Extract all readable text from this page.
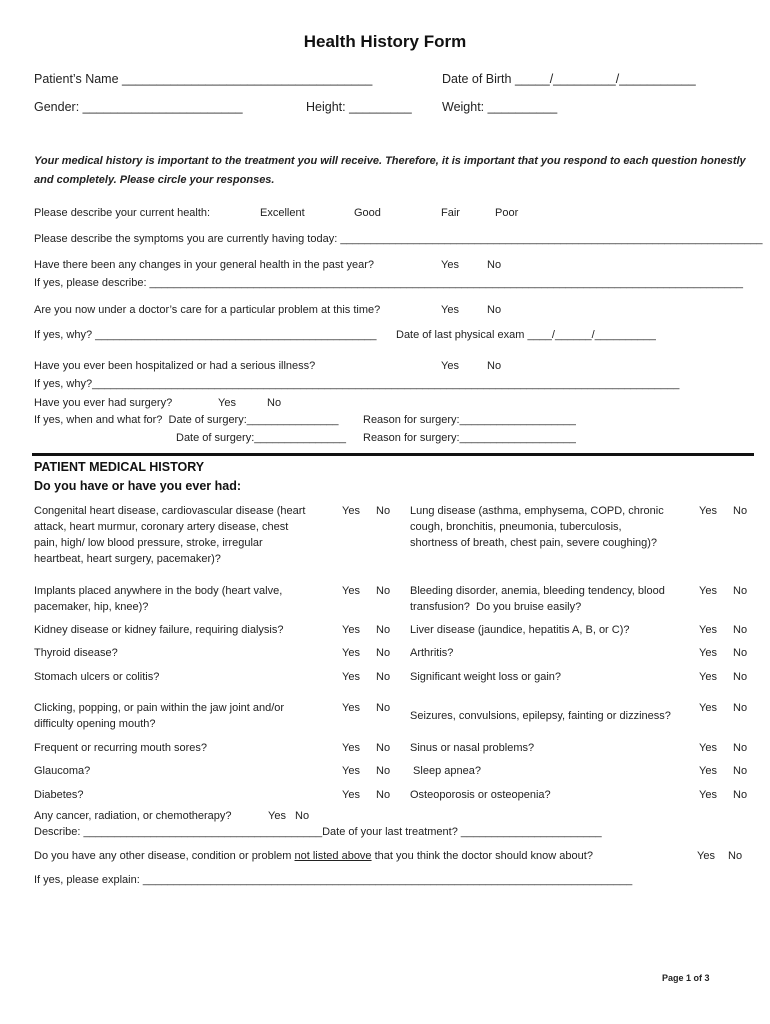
Health History Form
Patient’s Name ____________________________________	Date of Birth _____/_________/___________
Gender: _______________________	Height: _________ Weight: __________
Your medical history is important to the treatment you will receive. Therefore, it is important that you respond to each question honestly
and completely. Please circle your responses.
Please describe your current health:	Excellent	Good	Fair	Poor
Please describe the symptoms you are currently having today: _____________________________________________________________________
Have there been any changes in your general health in the past year?	Yes	No
If yes, please describe: _________________________________________________________________________________________________
Are you now under a doctor’s care for a particular problem at this time?	Yes	No
If yes, why? ______________________________________________ Date of last physical exam ____/______/__________
Have you ever been hospitalized or had a serious illness?	Yes	No
If yes, why?________________________________________________________________________________________________
Have you ever had surgery?	Yes	No
If yes, when and what for?  Date of surgery:_______________ Reason for surgery:___________________
Date of surgery:_______________ Reason for surgery:___________________
PATIENT MEDICAL HISTORY
Do you have or have you ever had:
Congenital heart disease, cardiovascular disease (heart
attack, heart murmur, coronary artery disease, chest
pain, high/ low blood pressure, stroke, irregular
heartbeat, heart surgery, pacemaker)?
Yes No
Implants placed anywhere in the body (heart valve,
pacemaker, hip, knee)?
Yes No
Kidney disease or kidney failure, requiring dialysis?	Yes No
Thyroid disease?	Yes No
Stomach ulcers or colitis?	Yes No
Clicking, popping, or pain within the jaw joint and/or
difficulty opening mouth?
Yes No
Frequent or recurring mouth sores?	Yes No
Glaucoma?	Yes No
Diabetes?	Yes No
Lung disease (asthma, emphysema, COPD, chronic
cough, bronchitis, pneumonia, tuberculosis,
shortness of breath, chest pain, severe coughing)?
Yes No
Bleeding disorder, anemia, bleeding tendency, blood
transfusion?  Do you bruise easily?
Yes No
Liver disease (jaundice, hepatitis A, B, or C)?	Yes No
Arthritis?	Yes No
Significant weight loss or gain?	Yes No
Seizures, convulsions, epilepsy, fainting or dizziness?
Yes No
Sinus or nasal problems?	Yes No
Sleep apnea?	Yes No
Osteoporosis or osteopenia?	Yes No
Any cancer, radiation, or chemotherapy?	Yes No
Describe: _______________________________________Date of your last treatment? _______________________
Do you have any other disease, condition or problem not listed above that you think the doctor should know about?	Yes No
If yes, please explain: ________________________________________________________________________________
Page 1 of 3
